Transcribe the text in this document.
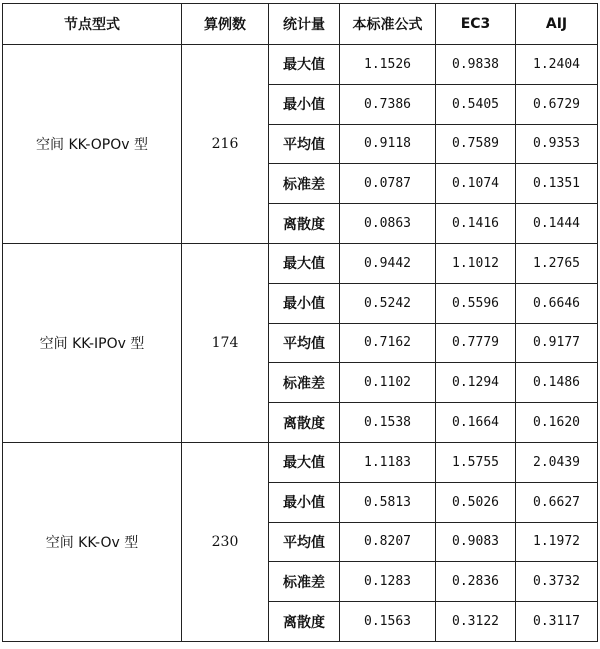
节点型式	算例数	统计量	本标准公式	EC3	AIJ
空间 KK-OPOv 型	216	最大值	1.1526	0.9838	1.2404
		最小值	0.7386	0.5405	0.6729
		平均值	0.9118	0.7589	0.9353
		标准差	0.0787	0.1074	0.1351
		离散度	0.0863	0.1416	0.1444
空间 KK-IPOv 型	174	最大值	0.9442	1.1012	1.2765
		最小值	0.5242	0.5596	0.6646
		平均值	0.7162	0.7779	0.9177
		标准差	0.1102	0.1294	0.1486
		离散度	0.1538	0.1664	0.1620
空间 KK-Ov 型	230	最大值	1.1183	1.5755	2.0439
		最小值	0.5813	0.5026	0.6627
		平均值	0.8207	0.9083	1.1972
		标准差	0.1283	0.2836	0.3732
		离散度	0.1563	0.3122	0.3117
